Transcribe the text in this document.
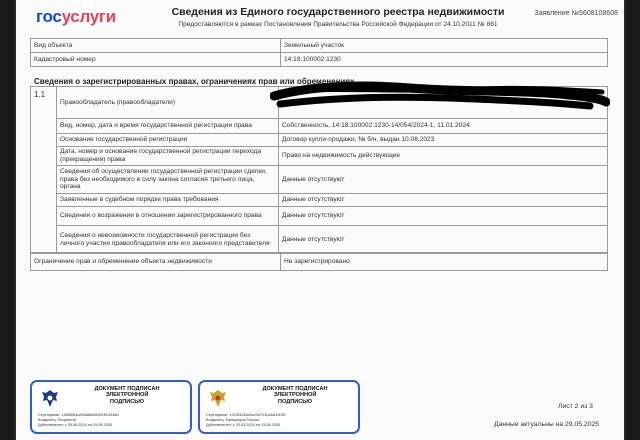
госуслуги	Сведения из Единого государственного реестра недвижимости
Предоставляются в рамках Постановления Правительства Российской Федерации от 24.10.2011 № 861
Заявление №5608108608
Вид объекта	Земельный участок
Кадастровый номер	14:18:100002:1230
Сведения о зарегистрированных правах, ограничениях прав или обременениях
1.1	Правообладатель (правообладатели)	
	Вид, номер, дата и время государственной регистрации права	Собственность, 14:18:100002:1230-14/054/2024-1, 11.01.2024
	Основание государственной регистрации	Договор купли-продажи, № б/н, выдан 10.08.2023
	Дата, номер и основание государственной регистрации перехода (прекращения) права	Право на недвижимость действующее
	Сведения об осуществлении государственной регистрации сделки, права без необходимого в силу закона согласия третьего лица, органа	Данные отсутствуют
	Заявленные в судебном порядке права требования	Данные отсутствуют
	Сведения о возражении в отношении зарегистрированного права	Данные отсутствуют
	Сведения о невозможности государственной регистрации без личного участия правообладателя или его законного представителя	Данные отсутствуют
Ограничение прав и обременение объекта недвижимости	Не зарегистрировано
ДОКУМЕНТ ПОДПИСАН
ЭЛЕКТРОННОЙ
ПОДПИСЬЮ
Сертификат: 1d5855f4a3f0a8bbd5951ff13446b
Владелец: Росреестр
Действителен: с 05.06.2024 по 29.08.2025
ДОКУМЕНТ ПОДПИСАН
ЭЛЕКТРОННОЙ
ПОДПИСЬЮ
Сертификат: 1010f3c3ae6ce2b7011d4af1f1f91
Владелец: Минцифры России
Действителен: с 20.03.2024 по 13.06.2025
Лист 2 из 3
Данные актуальны на 29.05.2025
